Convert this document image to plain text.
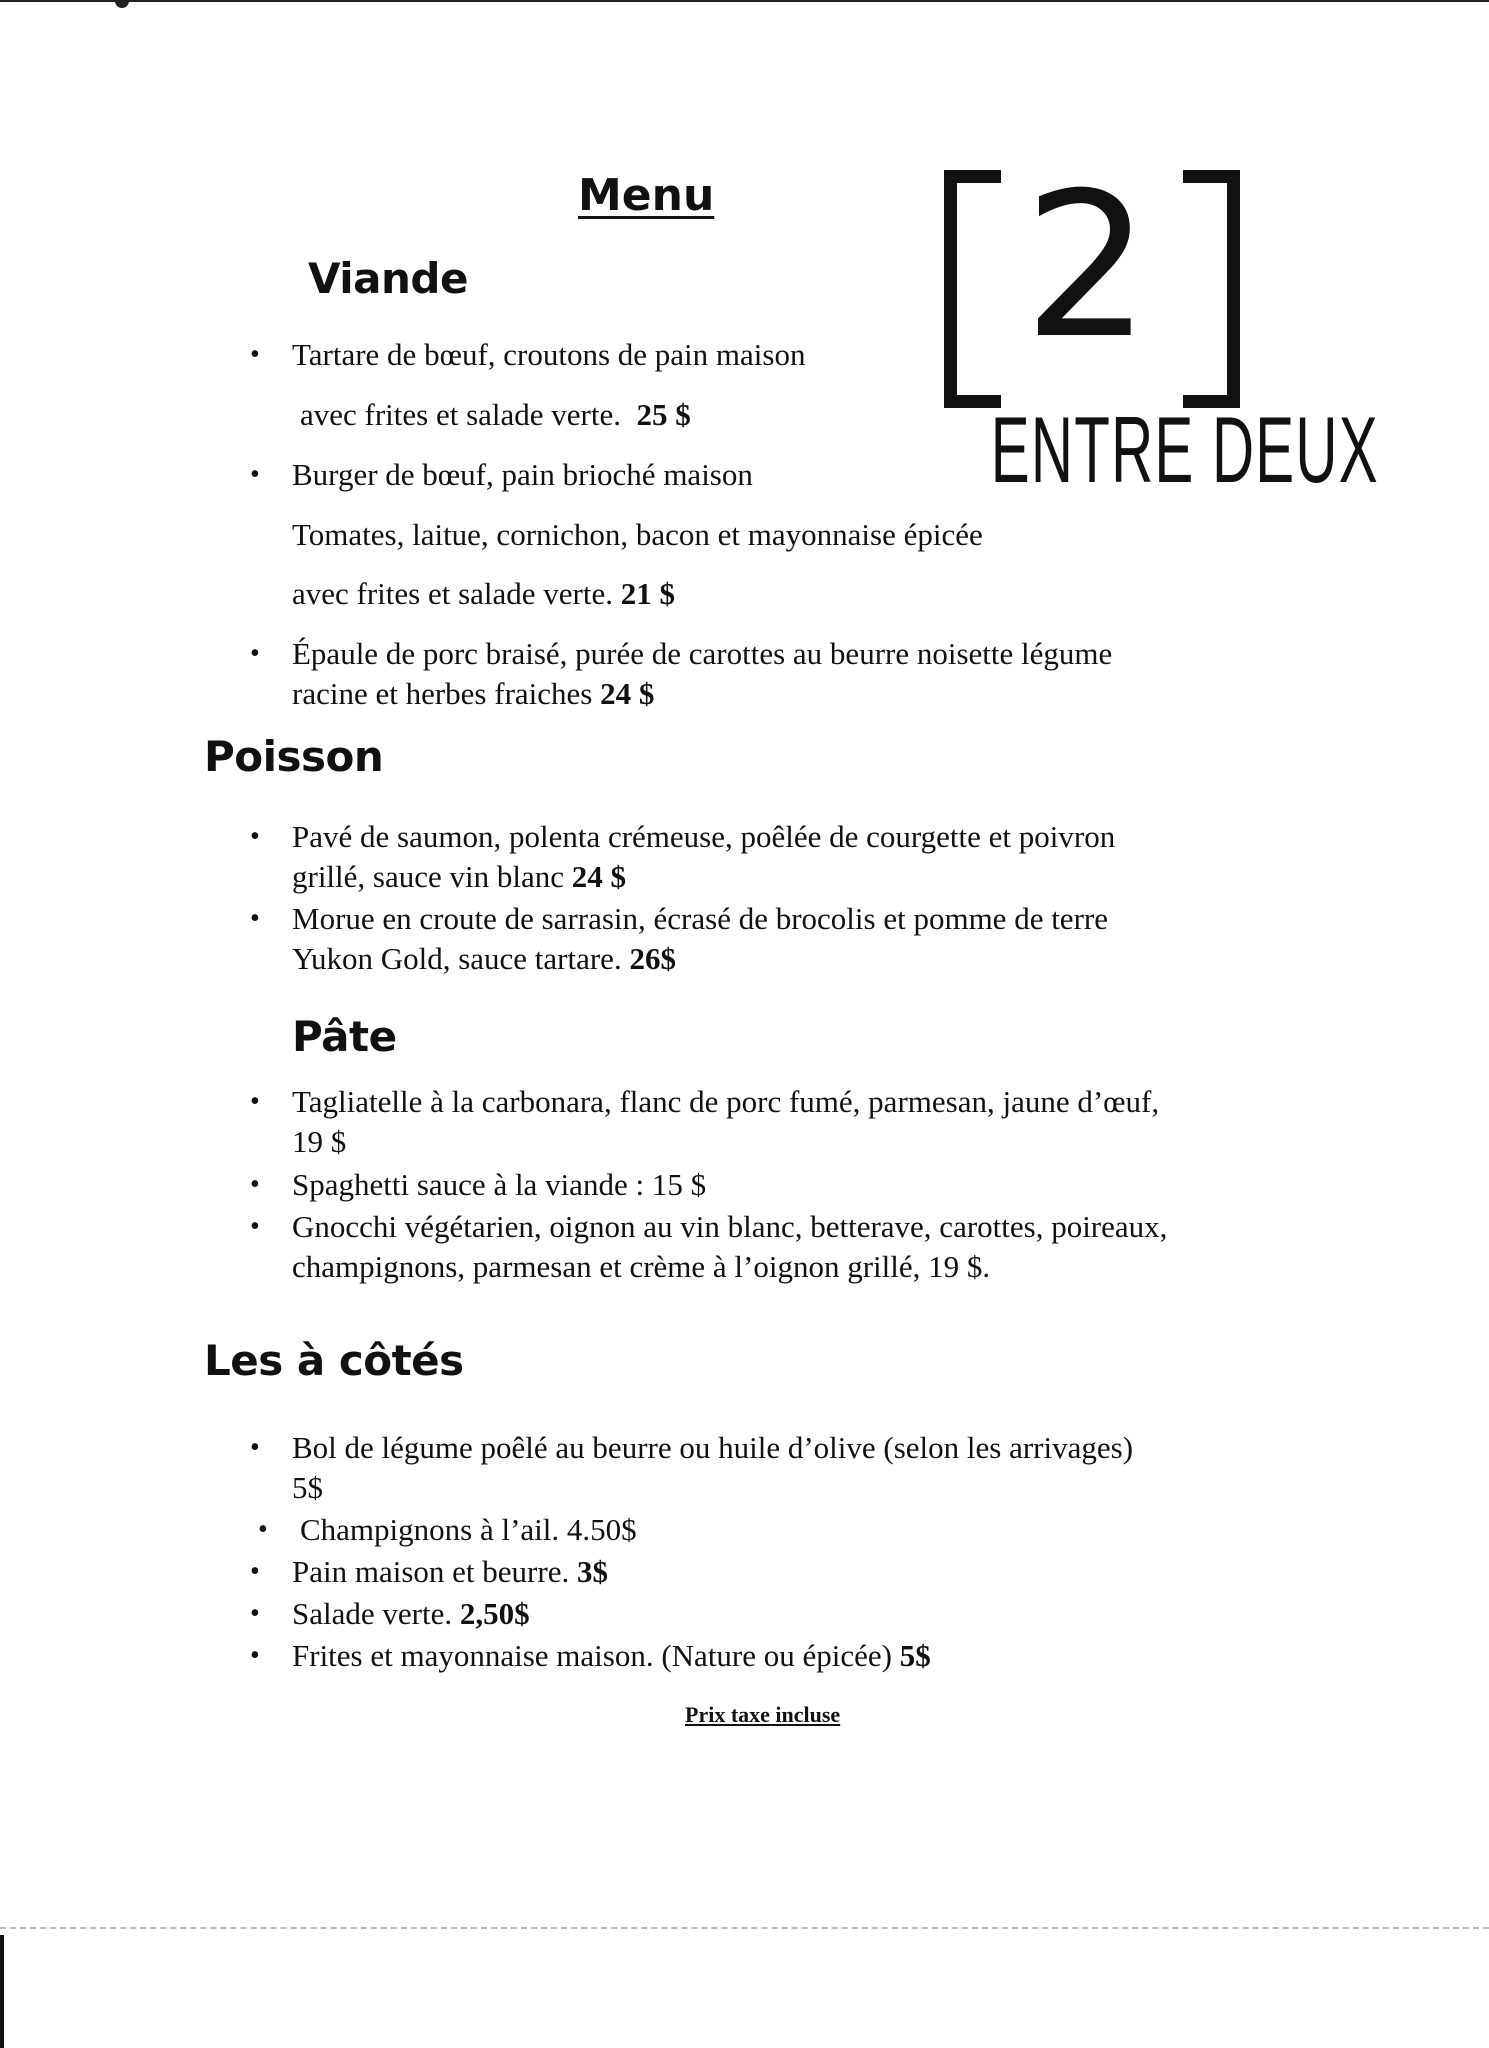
Menu 2
ENTRE DEUX
Viande
• Tartare de bœuf, croutons de pain maison
avec frites et salade verte. 25 $
• Burger de bœuf, pain brioché maison
Tomates, laitue, cornichon, bacon et mayonnaise épicée
avec frites et salade verte. 21 $
• Épaule de porc braisé, purée de carottes au beurre noisette légume
racine et herbes fraiches 24 $
Poisson
• Pavé de saumon, polenta crémeuse, poêlée de courgette et poivron
grillé, sauce vin blanc 24 $
• Morue en croute de sarrasin, écrasé de brocolis et pomme de terre
Yukon Gold, sauce tartare. 26$
Pâte
• Tagliatelle à la carbonara, flanc de porc fumé, parmesan, jaune d’œuf,
19 $
• Spaghetti sauce à la viande : 15 $
• Gnocchi végétarien, oignon au vin blanc, betterave, carottes, poireaux,
champignons, parmesan et crème à l’oignon grillé, 19 $.
Les à côtés
• Bol de légume poêlé au beurre ou huile d’olive (selon les arrivages)
5$
• Champignons à l’ail. 4.50$
• Pain maison et beurre. 3$
• Salade verte. 2,50$
• Frites et mayonnaise maison. (Nature ou épicée) 5$
Prix taxe incluse
